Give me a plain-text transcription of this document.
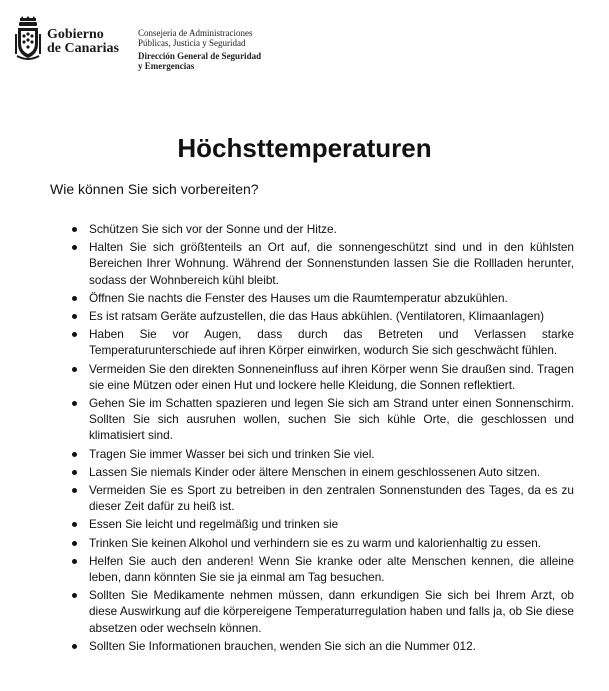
Gobierno
de Canarias
Consejería de Administraciones
Públicas, Justicia y Seguridad
Dirección General de Seguridad
y Emergencias
Höchsttemperaturen
Wie können Sie sich vorbereiten?
Schützen Sie sich vor der Sonne und der Hitze.
Halten Sie sich größtenteils an Ort auf, die sonnengeschützt sind und in den kühlsten Bereichen Ihrer Wohnung. Während der Sonnenstunden lassen Sie die Rollladen herunter, sodass der Wohnbereich kühl bleibt.
Öffnen Sie nachts die Fenster des Hauses um die Raumtemperatur abzukühlen.
Es ist ratsam Geräte aufzustellen, die das Haus abkühlen. (Ventilatoren, Klimaanlagen)
Haben Sie vor Augen, dass durch das Betreten und Verlassen starke Temperaturunterschiede auf ihren Körper einwirken, wodurch Sie sich geschwächt fühlen.
Vermeiden Sie den direkten Sonneneinfluss auf ihren Körper wenn Sie draußen sind. Tragen sie eine Mützen oder einen Hut und lockere helle Kleidung, die Sonnen reflektiert.
Gehen Sie im Schatten spazieren und legen Sie sich am Strand unter einen Sonnenschirm. Sollten Sie sich ausruhen wollen, suchen Sie sich kühle Orte, die geschlossen und klimatisiert sind.
Tragen Sie immer Wasser bei sich und trinken Sie viel.
Lassen Sie niemals Kinder oder ältere Menschen in einem geschlossenen Auto sitzen.
Vermeiden Sie es Sport zu betreiben in den zentralen Sonnenstunden des Tages, da es zu dieser Zeit dafür zu heiß ist.
Essen Sie leicht und regelmäßig und trinken sie
Trinken Sie keinen Alkohol und verhindern sie es zu warm und kalorienhaltig zu essen.
Helfen Sie auch den anderen! Wenn Sie kranke oder alte Menschen kennen, die alleine leben, dann könnten Sie sie ja einmal am Tag besuchen.
Sollten Sie Medikamente nehmen müssen, dann erkundigen Sie sich bei Ihrem Arzt, ob diese Auswirkung auf die körpereigene Temperaturregulation haben und falls ja, ob Sie diese absetzen oder wechseln können.
Sollten Sie Informationen brauchen, wenden Sie sich an die Nummer 012.
